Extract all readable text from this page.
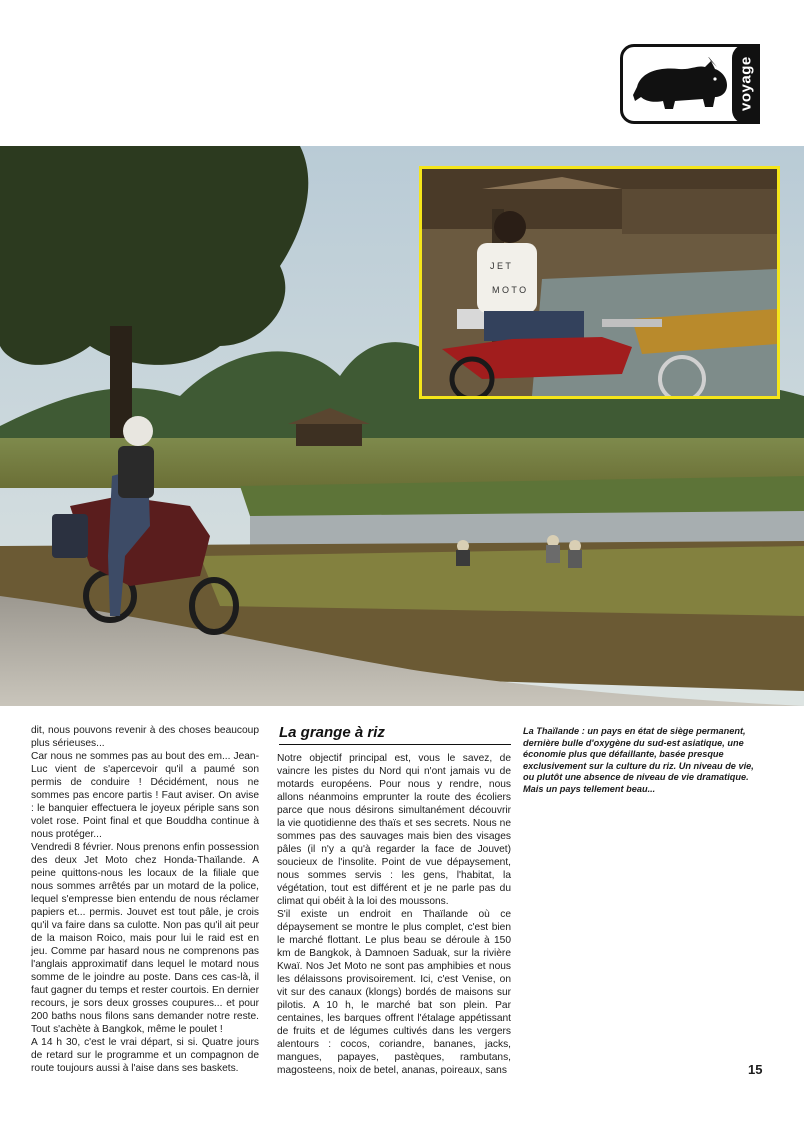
voyage
J E T
M O T O

dit, nous pouvons revenir à des choses beaucoup plus sérieuses...

Car nous ne sommes pas au bout des em... Jean-Luc vient de s'apercevoir qu'il a paumé son permis de conduire ! Décidément, nous ne sommes pas encore partis ! Faut aviser. On avise : le banquier effectuera le joyeux périple sans son volet rose. Point final et que Bouddha continue à nous protéger...

Vendredi 8 février. Nous prenons enfin possession des deux Jet Moto chez Honda-Thaïlande. A peine quittons-nous les locaux de la filiale que nous sommes arrêtés par un motard de la police, lequel s'empresse bien entendu de nous réclamer papiers et... permis. Jouvet est tout pâle, je crois qu'il va faire dans sa culotte. Non pas qu'il ait peur de la maison Roico, mais pour lui le raid est en jeu. Comme par hasard nous ne comprenons pas l'anglais approximatif dans lequel le motard nous somme de le joindre au poste. Dans ces cas-là, il faut gagner du temps et rester courtois. En dernier recours, je sors deux grosses coupures... et pour 200 baths nous filons sans demander notre reste. Tout s'achète à Bangkok, même le poulet !

A 14 h 30, c'est le vrai départ, si si. Quatre jours de retard sur le programme et un compagnon de route toujours aussi à l'aise dans ses baskets.

La grange à riz

Notre objectif principal est, vous le savez, de vaincre les pistes du Nord qui n'ont jamais vu de motards européens. Pour nous y rendre, nous allons néanmoins emprunter la route des écoliers parce que nous désirons simultanément découvrir la vie quotidienne des thaïs et ses secrets. Nous ne sommes pas des sauvages mais bien des visages pâles (il n'y a qu'à regarder la face de Jouvet) soucieux de l'insolite. Point de vue dépaysement, nous sommes servis : les gens, l'habitat, la végétation, tout est différent et je ne parle pas du climat qui obéit à la loi des moussons.

S'il existe un endroit en Thaïlande où ce dépaysement se montre le plus complet, c'est bien le marché flottant. Le plus beau se déroule à 150 km de Bangkok, à Damnoen Saduak, sur la rivière Kwaï. Nos Jet Moto ne sont pas amphibies et nous les délaissons provisoirement. Ici, c'est Venise, on vit sur des canaux (klongs) bordés de maisons sur pilotis. A 10 h, le marché bat son plein. Par centaines, les barques offrent l'étalage appétissant de fruits et de légumes cultivés dans les vergers alentours : cocos, coriandre, bananes, jacks, mangues, papayes, pastèques, rambutans, magosteens, noix de betel, ananas, poireaux, sans

La Thaïlande : un pays en état de siège permanent, dernière bulle d'oxygène du sud-est asiatique, une économie plus que défaillante, basée presque exclusivement sur la culture du riz. Un niveau de vie, ou plutôt une absence de niveau de vie dramatique.

Mais un pays tellement beau...

15
